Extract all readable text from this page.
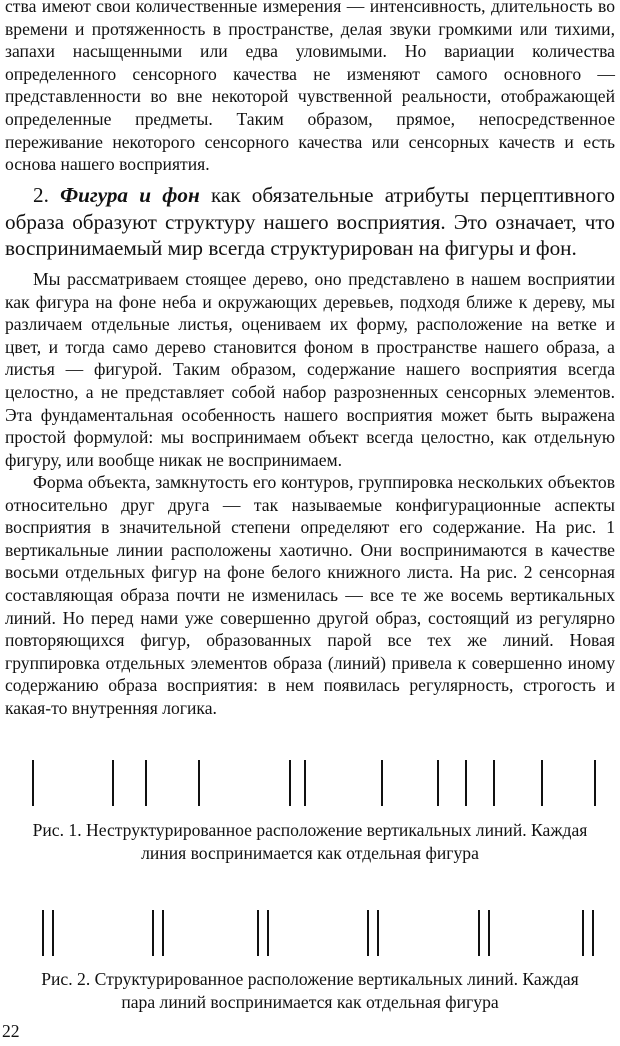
ства имеют свои количественные измерения — интенсивность, длительность во времени и протяженность в пространстве, делая звуки громкими или тихими, запахи насыщенными или едва уловимыми. Но вариации количества определенного сенсорного качества не изменяют самого основного — представленности во вне некоторой чувственной реальности, отображающей определенные предметы. Таким образом, прямое, непосредственное переживание некоторого сенсорного качества или сенсорных качеств и есть основа нашего восприятия.

2. Фигура и фон как обязательные атрибуты перцептивного образа образуют структуру нашего восприятия. Это означает, что воспринимаемый мир всегда структурирован на фигуры и фон.

Мы рассматриваем стоящее дерево, оно представлено в нашем восприятии как фигура на фоне неба и окружающих деревьев, подходя ближе к дереву, мы различаем отдельные листья, оцениваем их форму, расположение на ветке и цвет, и тогда само дерево становится фоном в пространстве нашего образа, а листья — фигурой. Таким образом, содержание нашего восприятия всегда целостно, а не представляет собой набор разрозненных сенсорных элементов. Эта фундаментальная особенность нашего восприятия может быть выражена простой формулой: мы воспринимаем объект всегда целостно, как отдельную фигуру, или вообще никак не воспринимаем.

Форма объекта, замкнутость его контуров, группировка нескольких объектов относительно друг друга — так называемые конфигурационные аспекты восприятия в значительной степени определяют его содержание. На рис. 1 вертикальные линии расположены хаотично. Они воспринимаются в качестве восьми отдельных фигур на фоне белого книжного листа. На рис. 2 сенсорная составляющая образа почти не изменилась — все те же восемь вертикальных линий. Но перед нами уже совершенно другой образ, состоящий из регулярно повторяющихся фигур, образованных парой все тех же линий. Новая группировка отдельных элементов образа (линий) привела к совершенно иному содержанию образа восприятия: в нем появилась регулярность, строгость и какая-то внутренняя логика.

Рис. 1. Неструктурированное расположение вертикальных линий. Каждая
линия воспринимается как отдельная фигура

Рис. 2. Структурированное расположение вертикальных линий. Каждая
пара линий воспринимается как отдельная фигура

22
